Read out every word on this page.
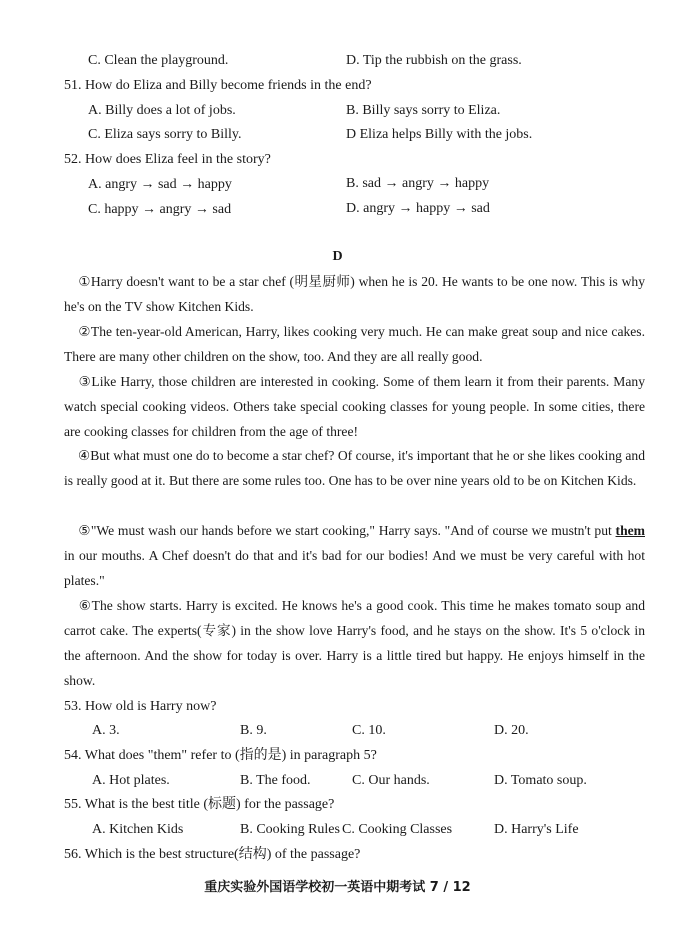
C. Clean the playground.	D. Tip the rubbish on the grass.
51. How do Eliza and Billy become friends in the end?
A. Billy does a lot of jobs.	B. Billy says sorry to Eliza.
C. Eliza says sorry to Billy.	D Eliza helps Billy with the jobs.
52. How does Eliza feel in the story?
A. angry → sad → happy	B. sad → angry → happy
C. happy → angry → sad	D. angry → happy → sad
D
①Harry doesn't want to be a star chef (明星厨师) when he is 20. He wants to be one now. This is why he's on the TV show Kitchen Kids.
②The ten-year-old American, Harry, likes cooking very much. He can make great soup and nice cakes. There are many other children on the show, too. And they are all really good.
③Like Harry, those children are interested in cooking. Some of them learn it from their parents. Many watch special cooking videos. Others take special cooking classes for young people. In some cities, there are cooking classes for children from the age of three!
④But what must one do to become a star chef? Of course, it's important that he or she likes cooking and is really good at it. But there are some rules too. One has to be over nine years old to be on Kitchen Kids.
⑤"We must wash our hands before we start cooking," Harry says. "And of course we mustn't put them in our mouths. A Chef doesn't do that and it's bad for our bodies! And we must be very careful with hot plates."
⑥The show starts. Harry is excited. He knows he's a good cook. This time he makes tomato soup and carrot cake. The experts(专家) in the show love Harry's food, and he stays on the show. It's 5 o'clock in the afternoon. And the show for today is over. Harry is a little tired but happy. He enjoys himself in the show.
53. How old is Harry now?
A. 3.	B. 9.	C. 10.	D. 20.
54. What does "them" refer to (指的是) in paragraph 5?
A. Hot plates.	B. The food.	C. Our hands.	D. Tomato soup.
55. What is the best title (标题) for the passage?
A. Kitchen Kids	B. Cooking Rules C. Cooking Classes	D. Harry's Life
56. Which is the best structure(结构) of the passage?
重庆实验外国语学校初一英语中期考试 7 / 12
